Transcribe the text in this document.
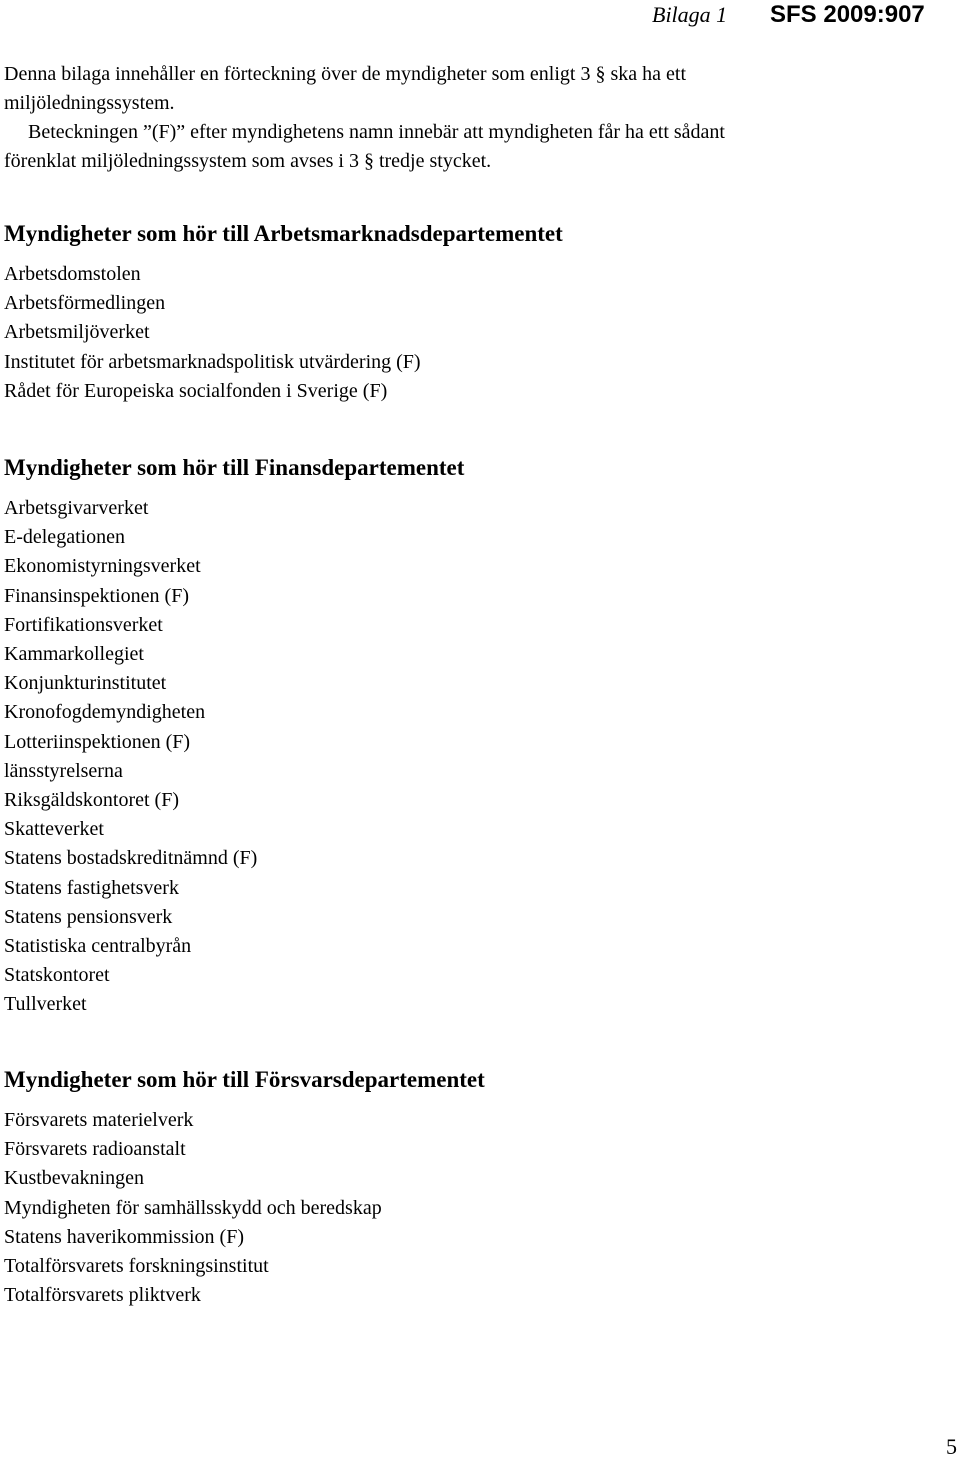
Bilaga 1 SFS 2009:907

Denna bilaga innehåller en förteckning över de myndigheter som enligt 3 § ska ha ett miljöledningssystem.

Beteckningen ”(F)” efter myndighetens namn innebär att myndigheten får ha ett sådant förenklat miljöledningssystem som avses i 3 § tredje stycket.

Myndigheter som hör till Arbetsmarknadsdepartementet
Arbetsdomstolen
Arbetsförmedlingen
Arbetsmiljöverket
Institutet för arbetsmarknadspolitisk utvärdering (F)
Rådet för Europeiska socialfonden i Sverige (F)
Myndigheter som hör till Finansdepartementet
Arbetsgivarverket
E-delegationen
Ekonomistyrningsverket
Finansinspektionen (F)
Fortifikationsverket
Kammarkollegiet
Konjunkturinstitutet
Kronofogdemyndigheten
Lotteriinspektionen (F)
länsstyrelserna
Riksgäldskontoret (F)
Skatteverket
Statens bostadskreditnämnd (F)
Statens fastighetsverk
Statens pensionsverk
Statistiska centralbyrån
Statskontoret
Tullverket
Myndigheter som hör till Försvarsdepartementet
Försvarets materielverk
Försvarets radioanstalt
Kustbevakningen
Myndigheten för samhällsskydd och beredskap
Statens haverikommission (F)
Totalförsvarets forskningsinstitut
Totalförsvarets pliktverk
5
